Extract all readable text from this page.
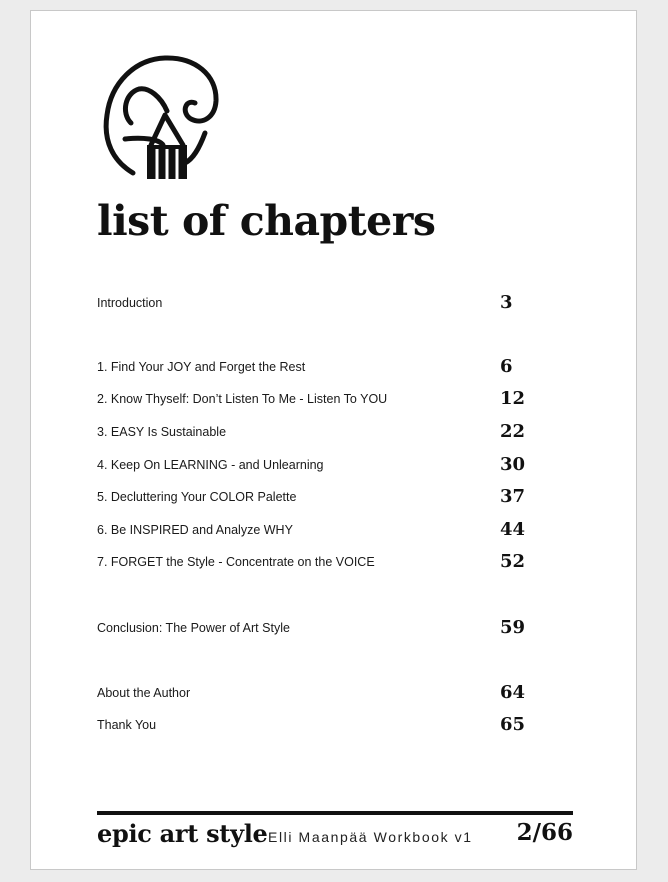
list of chapters
Introduction	3
1. Find Your JOY and Forget the Rest	6
2. Know Thyself: Don’t Listen To Me - Listen To YOU	12
3. EASY Is Sustainable	22
4. Keep On LEARNING - and Unlearning	30
5. Decluttering Your COLOR Palette	37
6. Be INSPIRED and Analyze WHY	44
7. FORGET the Style - Concentrate on the VOICE	52
Conclusion: The Power of Art Style	59
About the Author	64
Thank You	65
epic art style Elli Maanpää Workbook v1 2/66
